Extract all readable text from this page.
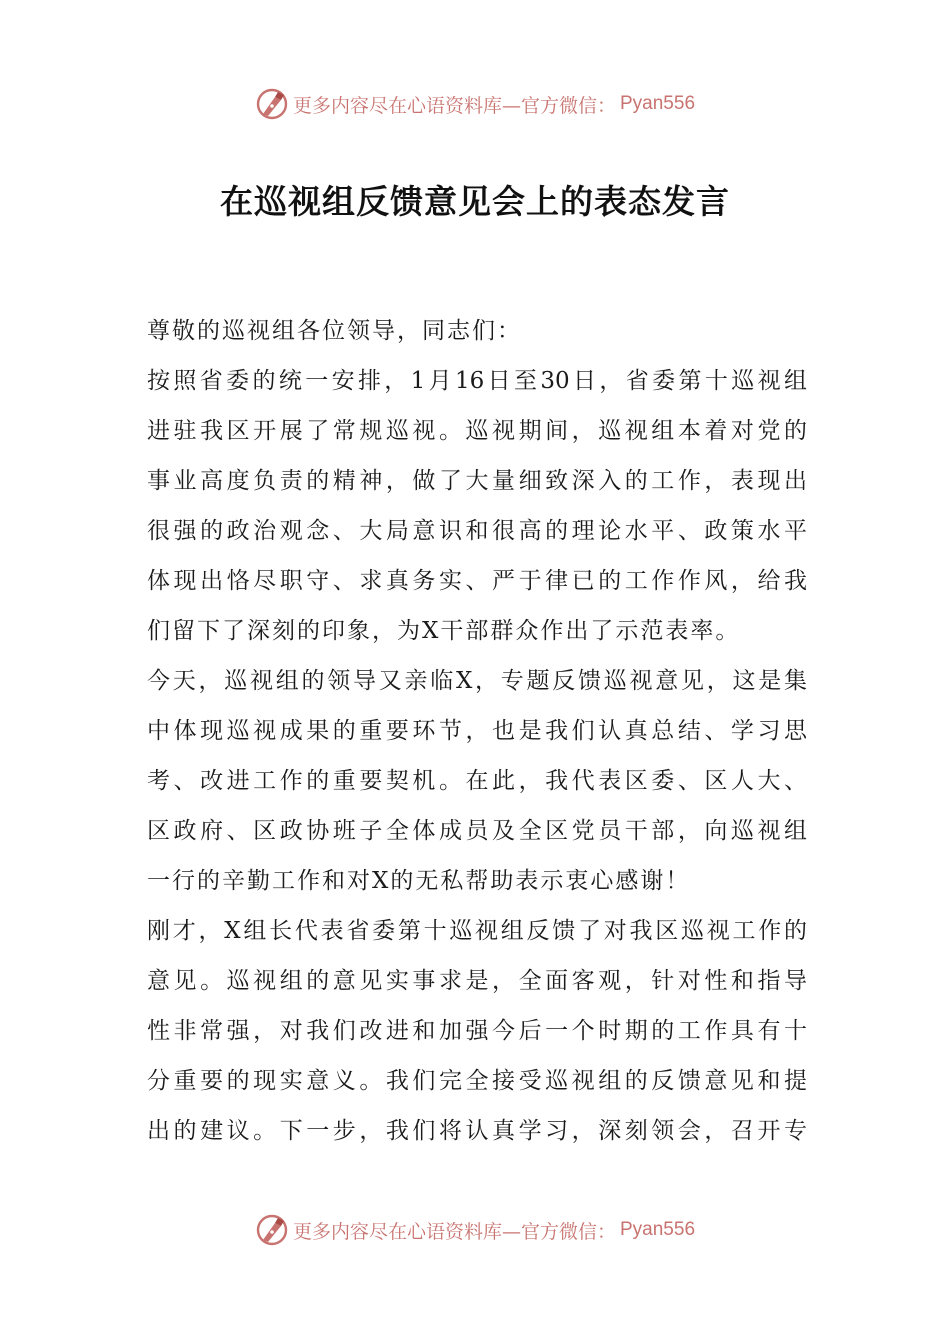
更多内容尽在心语资料库—官方微信： Pyan556
在巡视组反馈意见会上的表态发言
尊敬的巡视组各位领导，同志们：
按照省委的统一安排，1月16日至30日，省委第十巡视组
进驻我区开展了常规巡视。巡视期间，巡视组本着对党的
事业高度负责的精神，做了大量细致深入的工作，表现出
很强的政治观念、大局意识和很高的理论水平、政策水平
体现出恪尽职守、求真务实、严于律已的工作作风，给我
们留下了深刻的印象，为X干部群众作出了示范表率。
今天，巡视组的领导又亲临X，专题反馈巡视意见，这是集
中体现巡视成果的重要环节，也是我们认真总结、学习思
考、改进工作的重要契机。在此，我代表区委、区人大、
区政府、区政协班子全体成员及全区党员干部，向巡视组
一行的辛勤工作和对X的无私帮助表示衷心感谢！
刚才，X组长代表省委第十巡视组反馈了对我区巡视工作的
意见。巡视组的意见实事求是，全面客观，针对性和指导
性非常强，对我们改进和加强今后一个时期的工作具有十
分重要的现实意义。我们完全接受巡视组的反馈意见和提
出的建议。下一步，我们将认真学习，深刻领会，召开专
更多内容尽在心语资料库—官方微信： Pyan556
